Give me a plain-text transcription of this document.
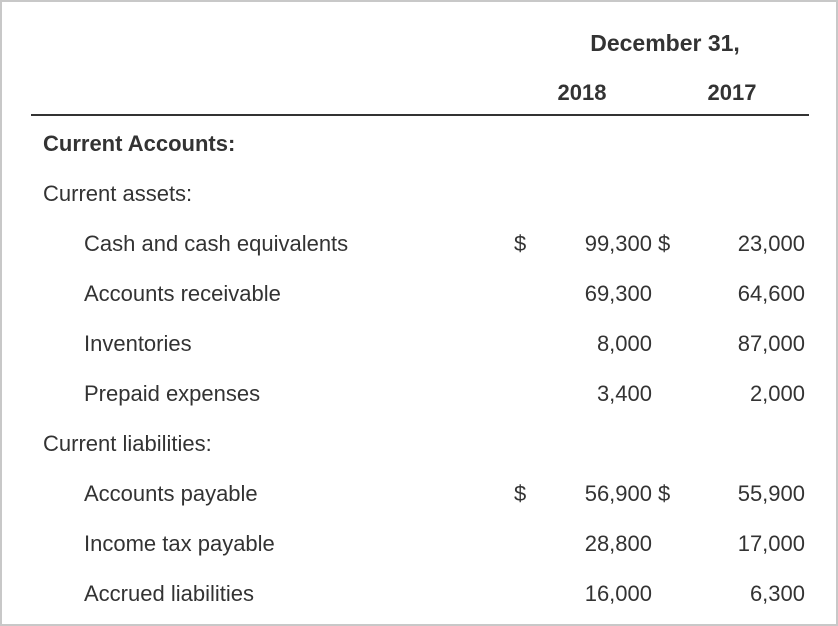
December 31,
2018	2017
Current Accounts:
Current assets:
Cash and cash equivalents	$	99,300 $	23,000
Accounts receivable	69,300	64,600
Inventories	8,000	87,000
Prepaid expenses	3,400	2,000
Current liabilities:
Accounts payable	$	56,900 $	55,900
Income tax payable	28,800	17,000
Accrued liabilities	16,000	6,300
